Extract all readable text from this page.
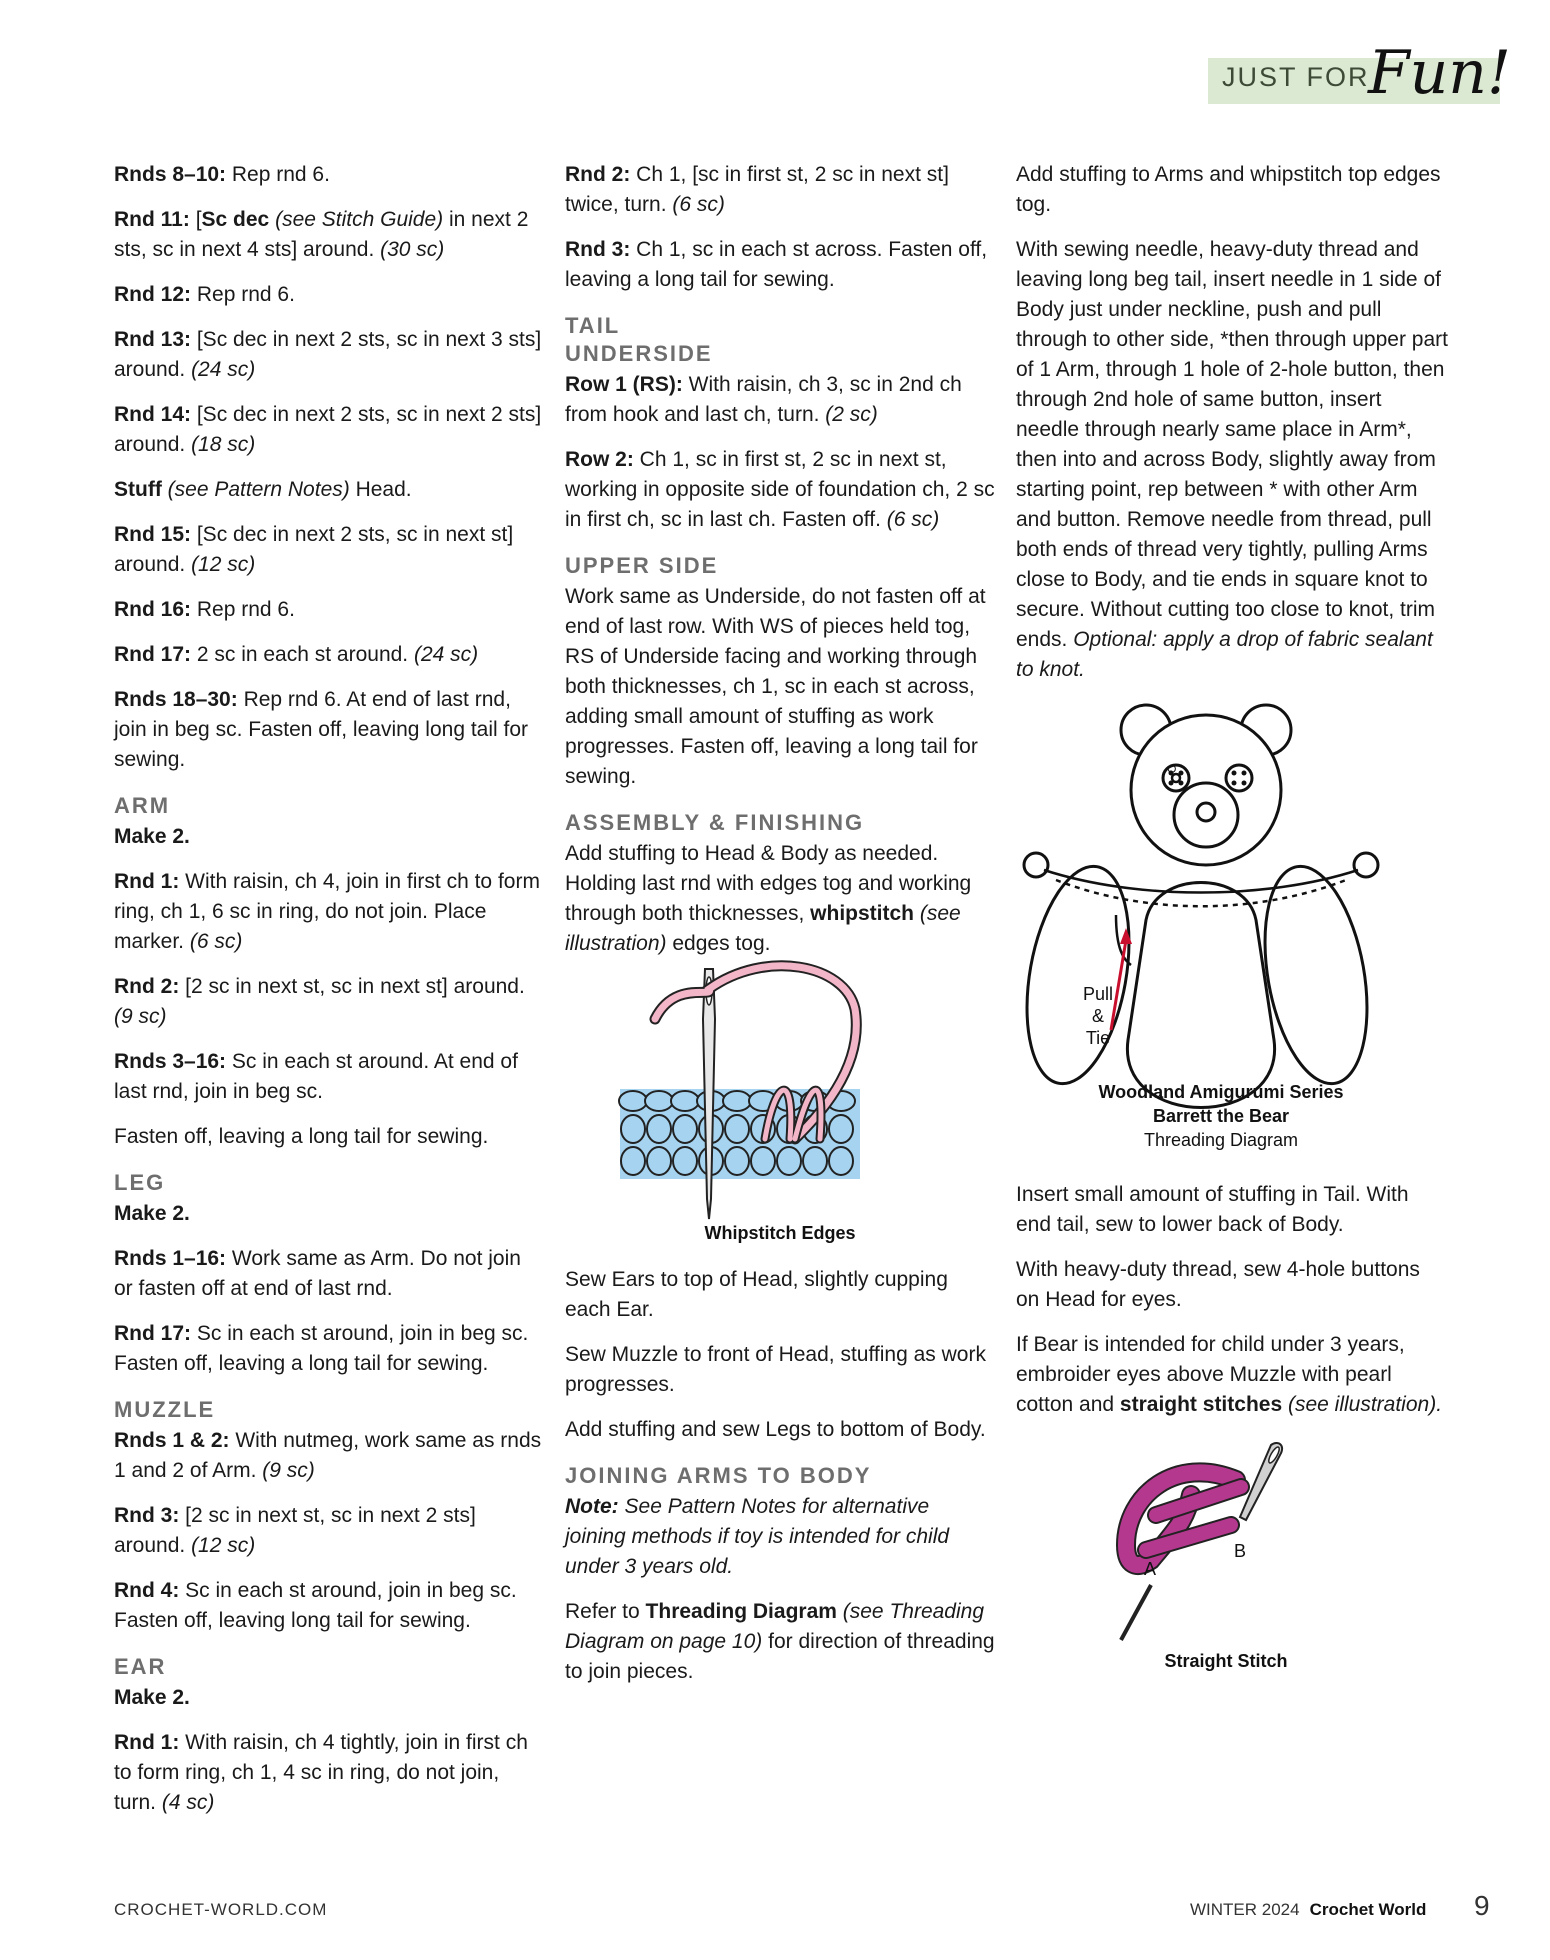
JUST FOR
Fun!

Rnds 8–10: Rep rnd 6.

Rnd 11: [Sc dec (see Stitch Guide) in next 2 sts, sc in next 4 sts] around. (30 sc)

Rnd 12: Rep rnd 6.

Rnd 13: [Sc dec in next 2 sts, sc in next 3 sts] around. (24 sc)

Rnd 14: [Sc dec in next 2 sts, sc in next 2 sts] around. (18 sc)

Stuff (see Pattern Notes) Head.

Rnd 15: [Sc dec in next 2 sts, sc in next st] around. (12 sc)

Rnd 16: Rep rnd 6.

Rnd 17: 2 sc in each st around. (24 sc)

Rnds 18–30: Rep rnd 6. At end of last rnd, join in beg sc. Fasten off, leaving long tail for sewing.

ARM

Make 2.

Rnd 1: With raisin, ch 4, join in first ch to form ring, ch 1, 6 sc in ring, do not join. Place marker. (6 sc)

Rnd 2: [2 sc in next st, sc in next st] around. (9 sc)

Rnds 3–16: Sc in each st around. At end of last rnd, join in beg sc.

Fasten off, leaving a long tail for sewing.

LEG

Make 2.

Rnds 1–16: Work same as Arm. Do not join or fasten off at end of last rnd.

Rnd 17: Sc in each st around, join in beg sc. Fasten off, leaving a long tail for sewing.

MUZZLE

Rnds 1 & 2: With nutmeg, work same as rnds 1 and 2 of Arm. (9 sc)

Rnd 3: [2 sc in next st, sc in next 2 sts] around. (12 sc)

Rnd 4: Sc in each st around, join in beg sc. Fasten off, leaving long tail for sewing.

EAR

Make 2.

Rnd 1: With raisin, ch 4 tightly, join in first ch to form ring, ch 1, 4 sc in ring, do not join, turn. (4 sc)

Rnd 2: Ch 1, [sc in first st, 2 sc in next st] twice, turn. (6 sc)

Rnd 3: Ch 1, sc in each st across. Fasten off, leaving a long tail for sewing.

TAIL
UNDERSIDE

Row 1 (RS): With raisin, ch 3, sc in 2nd ch from hook and last ch, turn. (2 sc)

Row 2: Ch 1, sc in first st, 2 sc in next st, working in opposite side of foundation ch, 2 sc in first ch, sc in last ch. Fasten off. (6 sc)

UPPER SIDE

Work same as Underside, do not fasten off at end of last row. With WS of pieces held tog, RS of Underside facing and working through both thicknesses, ch 1, sc in each st across, adding small amount of stuffing as work progresses. Fasten off, leaving a long tail for sewing.

ASSEMBLY & FINISHING

Add stuffing to Head & Body as needed. Holding last rnd with edges tog and working through both thicknesses, whipstitch (see illustration) edges tog.

Whipstitch Edges

Sew Ears to top of Head, slightly cupping each Ear.

Sew Muzzle to front of Head, stuffing as work progresses.

Add stuffing and sew Legs to bottom of Body.

JOINING ARMS TO BODY

Note: See Pattern Notes for alternative joining methods if toy is intended for child under 3 years old.

Refer to Threading Diagram (see Threading Diagram on page 10) for direction of threading to join pieces.

Add stuffing to Arms and whipstitch top edges tog.

With sewing needle, heavy-duty thread and leaving long beg tail, insert needle in 1 side of Body just under neckline, push and pull through to other side, *then through upper part of 1 Arm, through 1 hole of 2-hole button, then through 2nd hole of same button, insert needle through nearly same place in Arm*, then into and across Body, slightly away from starting point, rep between * with other Arm and button. Remove needle from thread, pull both ends of thread very tightly, pulling Arms close to Body, and tie ends in square knot to secure. Without cutting too close to knot, trim ends. Optional: apply a drop of fabric sealant to knot.

Pull
&
Tie
Woodland Amigurumi Series
Barrett the Bear
Threading Diagram

Insert small amount of stuffing in Tail. With end tail, sew to lower back of Body.

With heavy-duty thread, sew 4-hole buttons on Head for eyes.

If Bear is intended for child under 3 years, embroider eyes above Muzzle with pearl cotton and straight stitches (see illustration).

A
B
Straight Stitch
CROCHET-WORLD.COM	WINTER 2024 Crochet World 9
